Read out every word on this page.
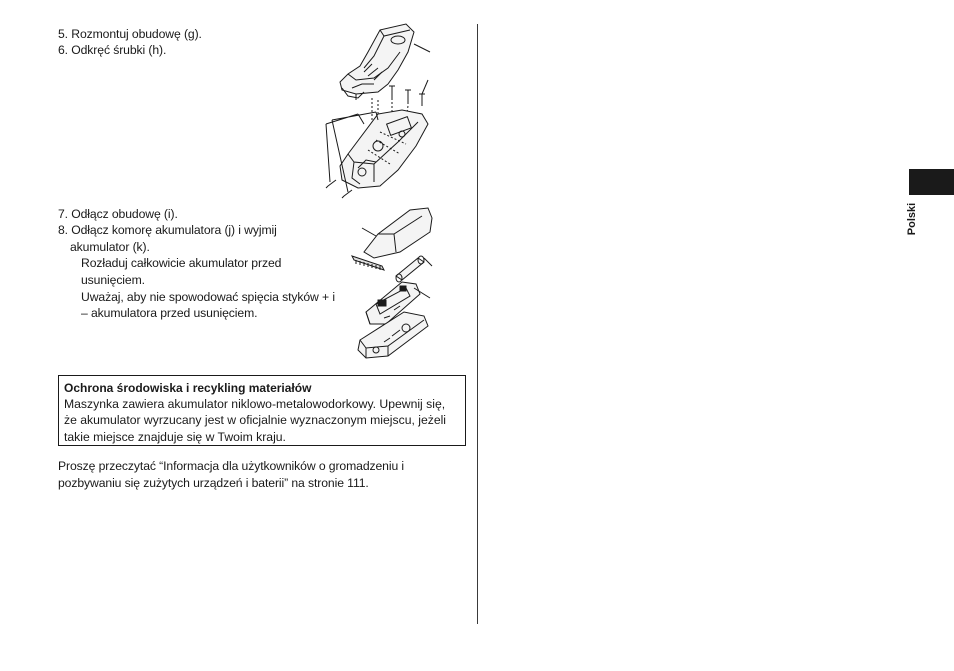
5. Rozmontuj obudowę (g).
6. Odkręć śrubki (h).
7. Odłącz obudowę (i).
8. Odłącz komorę akumulatora (j) i wyjmij
akumulator (k).
Rozładuj całkowicie akumulator przed
usunięciem.
Uważaj, aby nie spowodować spięcia styków + i
– akumulatora przed usunięciem.
Ochrona środowiska i recykling materiałów
Maszynka zawiera akumulator niklowo-metalowodorkowy. Upewnij się,
że akumulator wyrzucany jest w oficjalnie wyznaczonym miejscu, jeżeli
takie miejsce znajduje się w Twoim kraju.
Proszę przeczytać “Informacja dla użytkowników o gromadzeniu i
pozbywaniu się zużytych urządzeń i baterii” na stronie 111.
Polski
